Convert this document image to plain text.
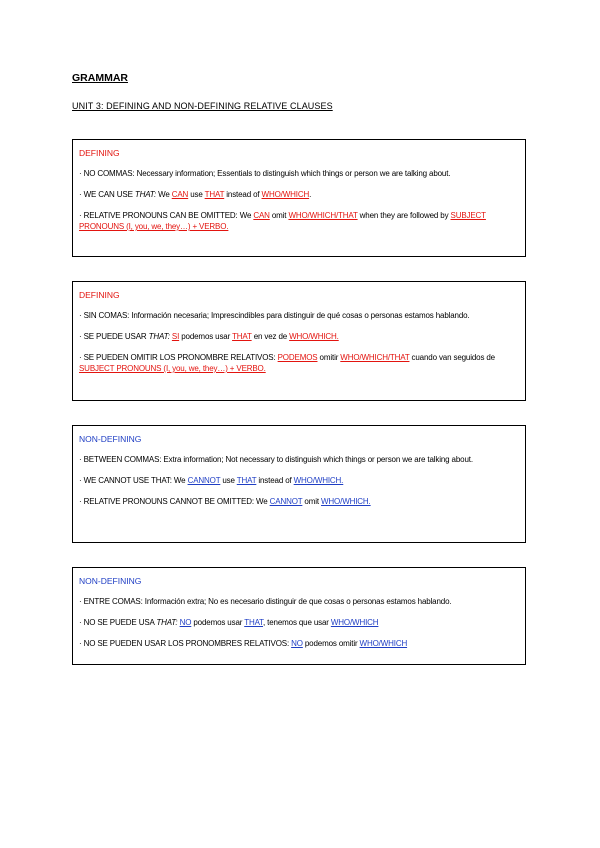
GRAMMAR
UNIT 3: DEFINING AND NON-DEFINING RELATIVE CLAUSES
DEFINING
· NO COMMAS: Necessary information; Essentials to distinguish which things or person we are talking about.
· WE CAN USE THAT: We CAN use THAT instead of WHO/WHICH.
· RELATIVE PRONOUNS CAN BE OMITTED: We CAN omit WHO/WHICH/THAT when they are followed by SUBJECT PRONOUNS (I, you, we, they…) + VERBO.
DEFINING
· SIN COMAS: Información necesaria; Imprescindibles para distinguir de qué cosas o personas estamos hablando.
· SE PUEDE USAR THAT: SI podemos usar THAT en vez de WHO/WHICH.
· SE PUEDEN OMITIR LOS PRONOMBRE RELATIVOS: PODEMOS omitir WHO/WHICH/THAT cuando van seguidos de SUBJECT PRONOUNS (I, you, we, they…) + VERBO.
NON-DEFINING
· BETWEEN COMMAS: Extra information; Not necessary to distinguish which things or person we are talking about.
· WE CANNOT USE THAT: We CANNOT use THAT instead of WHO/WHICH.
· RELATIVE PRONOUNS CANNOT BE OMITTED: We CANNOT omit WHO/WHICH.
NON-DEFINING
· ENTRE COMAS: Información extra; No es necesario distinguir de que cosas o personas estamos hablando.
· NO SE PUEDE USA THAT: NO podemos usar THAT, tenemos que usar WHO/WHICH
· NO SE PUEDEN USAR LOS PRONOMBRES RELATIVOS: NO podemos omitir WHO/WHICH
